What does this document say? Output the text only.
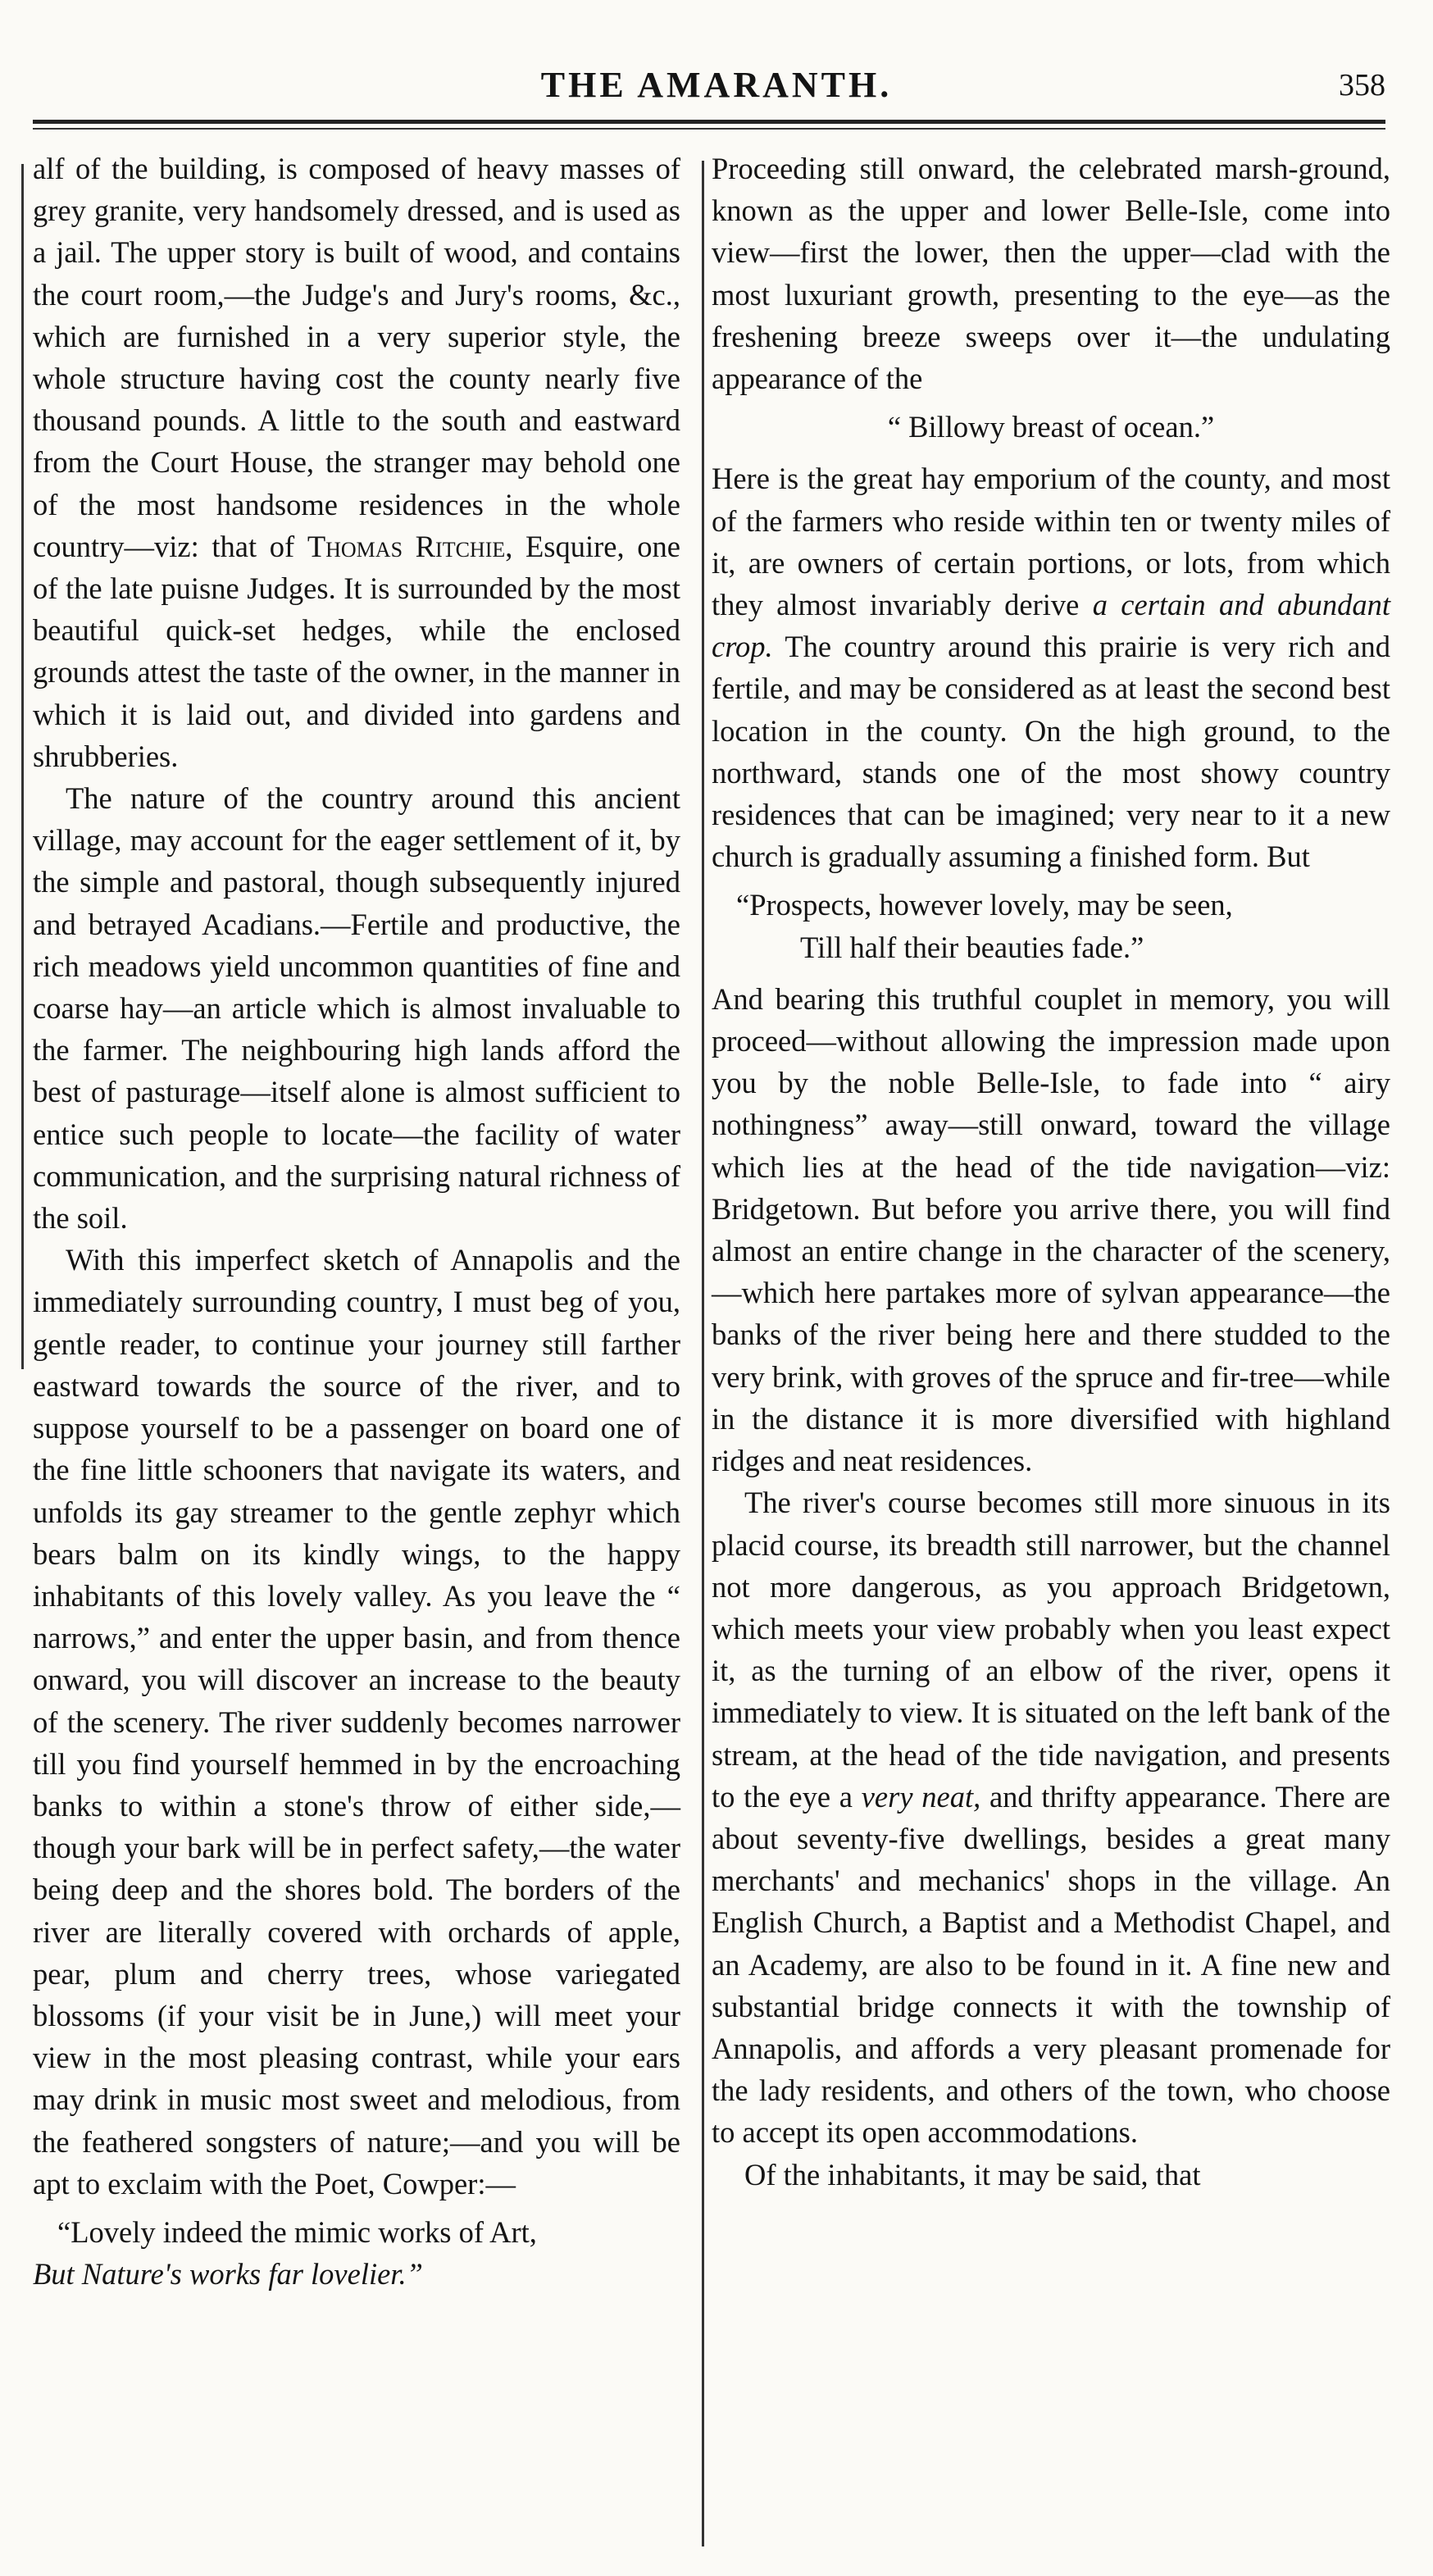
THE AMARANTH.	358

alf of the building, is composed of heavy masses of grey granite, very handsomely dressed, and is used as a jail. The upper story is built of wood, and contains the court room,—the Judge's and Jury's rooms, &c., which are furnished in a very superior style, the whole structure having cost the county nearly five thousand pounds. A little to the south and eastward from the Court House, the stranger may behold one of the most handsome residences in the whole country—viz: that of Thomas Ritchie, Esquire, one of the late puisne Judges. It is surrounded by the most beautiful quick-set hedges, while the enclosed grounds attest the taste of the owner, in the manner in which it is laid out, and divided into gardens and shrubberies.

The nature of the country around this ancient village, may account for the eager settlement of it, by the simple and pastoral, though subsequently injured and betrayed Acadians.—Fertile and productive, the rich meadows yield uncommon quantities of fine and coarse hay—an article which is almost invaluable to the farmer. The neighbouring high lands afford the best of pasturage—itself alone is almost sufficient to entice such people to locate—the facility of water communication, and the surprising natural richness of the soil.

With this imperfect sketch of Annapolis and the immediately surrounding country, I must beg of you, gentle reader, to continue your journey still farther eastward towards the source of the river, and to suppose yourself to be a passenger on board one of the fine little schooners that navigate its waters, and unfolds its gay streamer to the gentle zephyr which bears balm on its kindly wings, to the happy inhabitants of this lovely valley. As you leave the “ narrows,” and enter the upper basin, and from thence onward, you will discover an increase to the beauty of the scenery. The river suddenly becomes narrower till you find yourself hemmed in by the encroaching banks to within a stone's throw of either side,—though your bark will be in perfect safety,—the water being deep and the shores bold. The borders of the river are literally covered with orchards of apple, pear, plum and cherry trees, whose variegated blossoms (if your visit be in June,) will meet your view in the most pleasing contrast, while your ears may drink in music most sweet and melodious, from the feathered songsters of nature;—and you will be apt to exclaim with the Poet, Cowper:—

“Lovely indeed the mimic works of Art,
But Nature's works far lovelier.”

Proceeding still onward, the celebrated marsh-ground, known as the upper and lower Belle-Isle, come into view—first the lower, then the upper—clad with the most luxuriant growth, presenting to the eye—as the freshening breeze sweeps over it—the undulating appearance of the

“ Billowy breast of ocean.”

Here is the great hay emporium of the county, and most of the farmers who reside within ten or twenty miles of it, are owners of certain portions, or lots, from which they almost invariably derive a certain and abundant crop. The country around this prairie is very rich and fertile, and may be considered as at least the second best location in the county. On the high ground, to the northward, stands one of the most showy country residences that can be imagined; very near to it a new church is gradually assuming a finished form. But

“Prospects, however lovely, may be seen,
Till half their beauties fade.”

And bearing this truthful couplet in memory, you will proceed—without allowing the impression made upon you by the noble Belle-Isle, to fade into “ airy nothingness” away—still onward, toward the village which lies at the head of the tide navigation—viz: Bridgetown. But before you arrive there, you will find almost an entire change in the character of the scenery,—which here partakes more of sylvan appearance—the banks of the river being here and there studded to the very brink, with groves of the spruce and fir-tree—while in the distance it is more diversified with highland ridges and neat residences.

The river's course becomes still more sinuous in its placid course, its breadth still narrower, but the channel not more dangerous, as you approach Bridgetown, which meets your view probably when you least expect it, as the turning of an elbow of the river, opens it immediately to view. It is situated on the left bank of the stream, at the head of the tide navigation, and presents to the eye a very neat, and thrifty appearance. There are about seventy-five dwellings, besides a great many merchants' and mechanics' shops in the village. An English Church, a Baptist and a Methodist Chapel, and an Academy, are also to be found in it. A fine new and substantial bridge connects it with the township of Annapolis, and affords a very pleasant promenade for the lady residents, and others of the town, who choose to accept its open accommodations.

Of the inhabitants, it may be said, that
